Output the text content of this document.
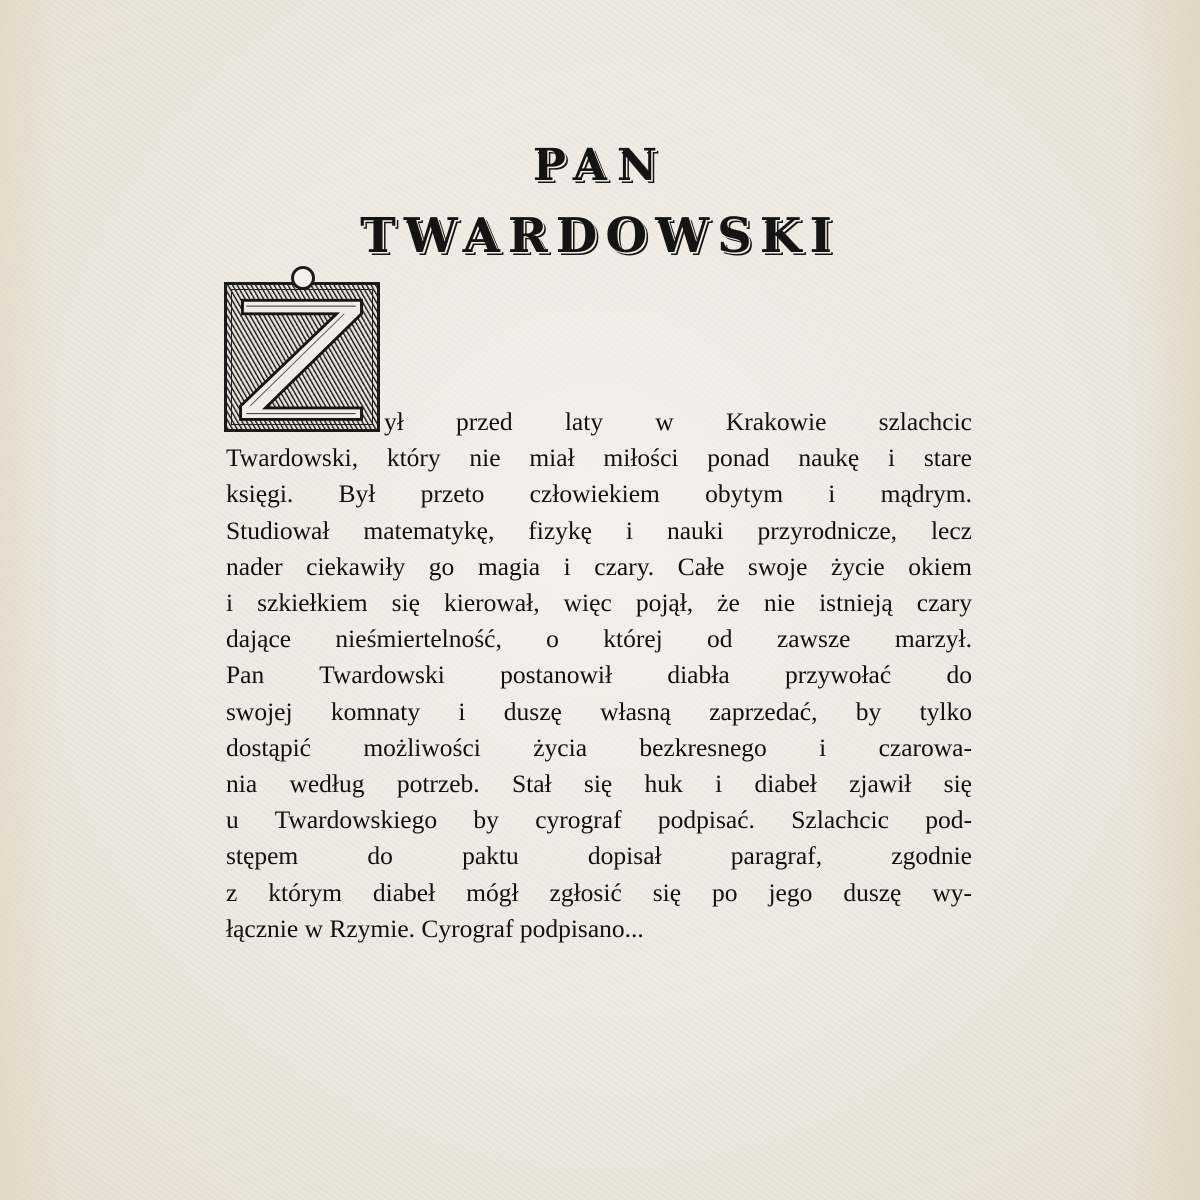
PAN
TWARDOWSKI
ył przed laty w Krakowie szlachcic
Twardowski, który nie miał miłości ponad naukę i stare
księgi. Był przeto człowiekiem obytym i mądrym.
Studiował matematykę, fizykę i nauki przyrodnicze, lecz
nader ciekawiły go magia i czary. Całe swoje życie okiem
i szkiełkiem się kierował, więc pojął, że nie istnieją czary
dające nieśmiertelność, o której od zawsze marzył.
Pan Twardowski postanowił diabła przywołać do
swojej komnaty i duszę własną zaprzedać, by tylko
dostąpić możliwości życia bezkresnego i czarowa-
nia według potrzeb. Stał się huk i diabeł zjawił się
u Twardowskiego by cyrograf podpisać. Szlachcic pod-
stępem do paktu dopisał paragraf, zgodnie
z którym diabeł mógł zgłosić się po jego duszę wy-
łącznie w Rzymie. Cyrograf podpisano...
